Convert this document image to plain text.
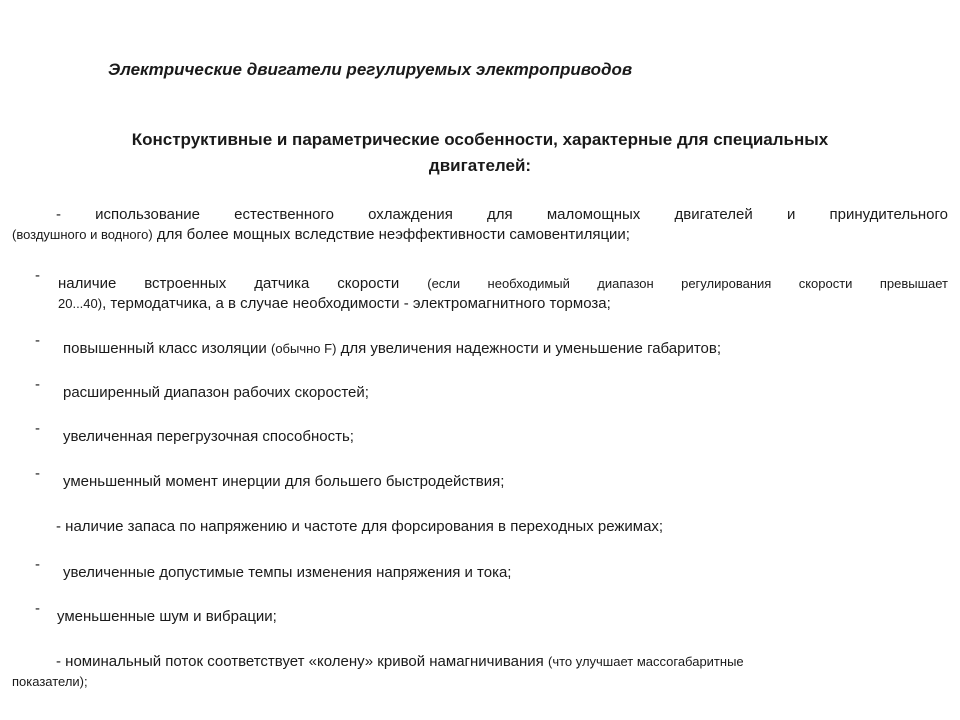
Электрические двигатели регулируемых электроприводов
Конструктивные и параметрические особенности, характерные для специальных
двигателей:
- использование естественного охлаждения для маломощных двигателей и принудительного
(воздушного и водного) для более мощных вследствие неэффективности самовентиляции;
- наличие встроенных датчика скорости (если необходимый диапазон регулирования скорости превышает
20...40), термодатчика, а в случае необходимости - электромагнитного тормоза;
- повышенный класс изоляции (обычно F) для увеличения надежности и уменьшение габаритов;
- расширенный диапазон рабочих скоростей;
- увеличенная перегрузочная способность;
- уменьшенный момент инерции для большего быстродействия;
- наличие запаса по напряжению и частоте для форсирования в переходных режимах;
- увеличенные допустимые темпы изменения напряжения и тока;
- уменьшенные шум и вибрации;
- номинальный поток соответствует «колену» кривой намагничивания (что улучшает массогабаритные
показатели);
